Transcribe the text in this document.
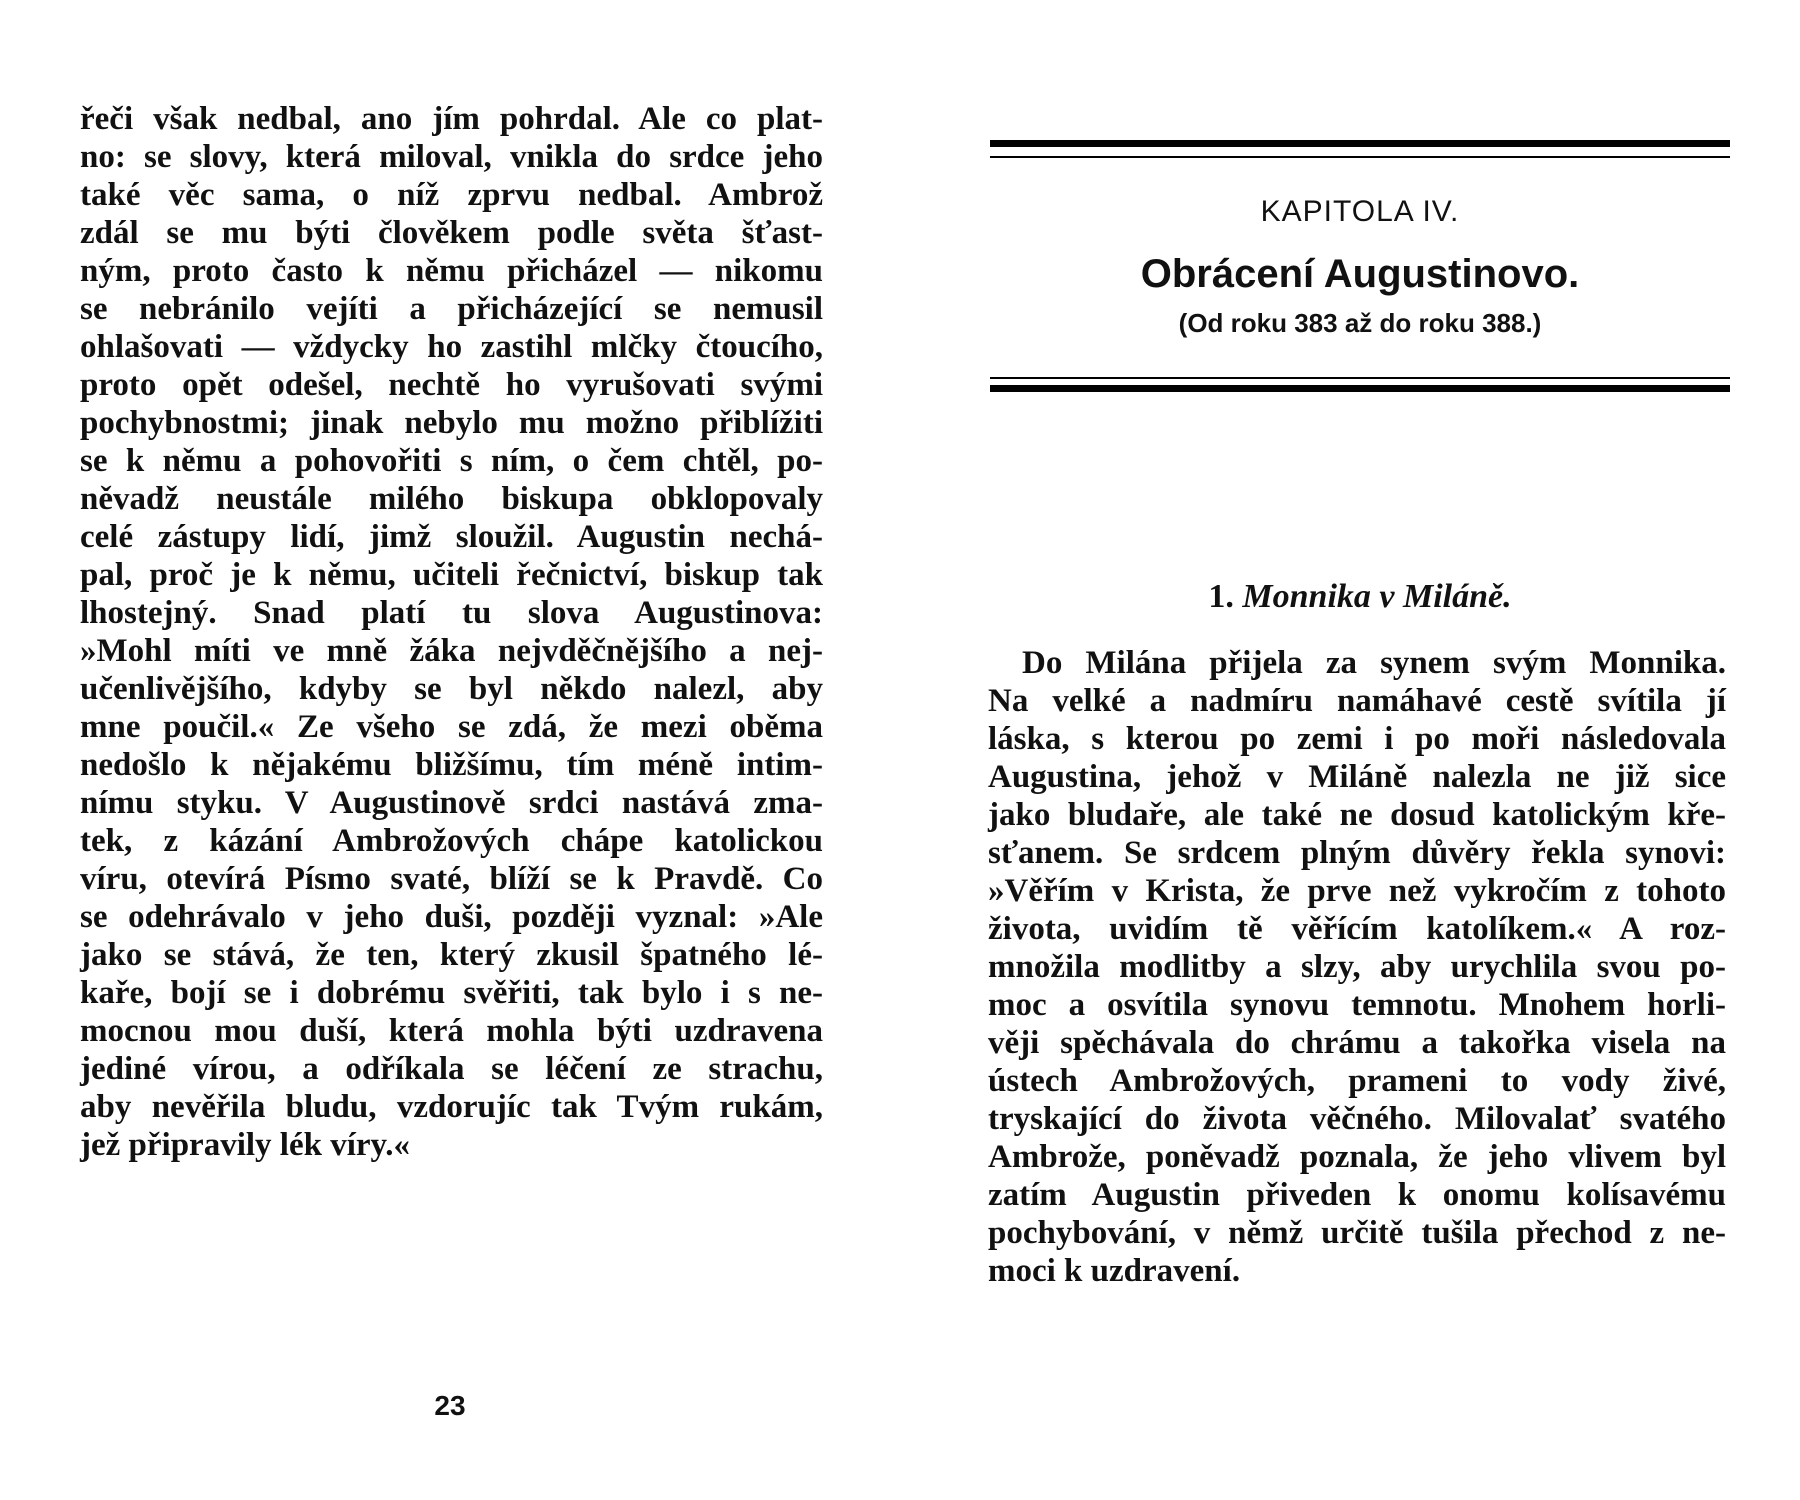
řeči však nedbal, ano jím pohrdal. Ale co plat-
no: se slovy, která miloval, vnikla do srdce jeho
také věc sama, o níž zprvu nedbal. Ambrož
zdál se mu býti člověkem podle světa šťast-
ným, proto často k němu přicházel — nikomu
se nebránilo vejíti a přicházející se nemusil
ohlašovati — vždycky ho zastihl mlčky čtoucího,
proto opět odešel, nechtě ho vyrušovati svými
pochybnostmi; jinak nebylo mu možno přiblížiti
se k němu a pohovořiti s ním, o čem chtěl, po-
něvadž neustále milého biskupa obklopovaly
celé zástupy lidí, jimž sloužil. Augustin nechá-
pal, proč je k němu, učiteli řečnictví, biskup tak
lhostejný. Snad platí tu slova Augustinova:
»Mohl míti ve mně žáka nejvděčnějšího a nej-
učenlivějšího, kdyby se byl někdo nalezl, aby
mne poučil.« Ze všeho se zdá, že mezi oběma
nedošlo k nějakému bližšímu, tím méně intim-
nímu styku. V Augustinově srdci nastává zma-
tek, z kázání Ambrožových chápe katolickou
víru, otevírá Písmo svaté, blíží se k Pravdě. Co
se odehrávalo v jeho duši, později vyznal: »Ale
jako se stává, že ten, který zkusil špatného lé-
kaře, bojí se i dobrému svěřiti, tak bylo i s ne-
mocnou mou duší, která mohla býti uzdravena
jediné vírou, a odříkala se léčení ze strachu,
aby nevěřila bludu, vzdorujíc tak Tvým rukám,
jež připravily lék víry.«
23
KAPITOLA IV.
Obrácení Augustinovo.
(Od roku 383 až do roku 388.)
1. Monnika v Miláně.
Do Milána přijela za synem svým Monnika.
Na velké a nadmíru namáhavé cestě svítila jí
láska, s kterou po zemi i po moři následovala
Augustina, jehož v Miláně nalezla ne již sice
jako bludaře, ale také ne dosud katolickým kře-
sťanem. Se srdcem plným důvěry řekla synovi:
»Věřím v Krista, že prve než vykročím z tohoto
života, uvidím tě věřícím katolíkem.« A roz-
množila modlitby a slzy, aby urychlila svou po-
moc a osvítila synovu temnotu. Mnohem horli-
věji spěchávala do chrámu a takořka visela na
ústech Ambrožových, prameni to vody živé,
tryskající do života věčného. Milovalať svatého
Ambrože, poněvadž poznala, že jeho vlivem byl
zatím Augustin přiveden k onomu kolísavému
pochybování, v němž určitě tušila přechod z ne-
moci k uzdravení.
